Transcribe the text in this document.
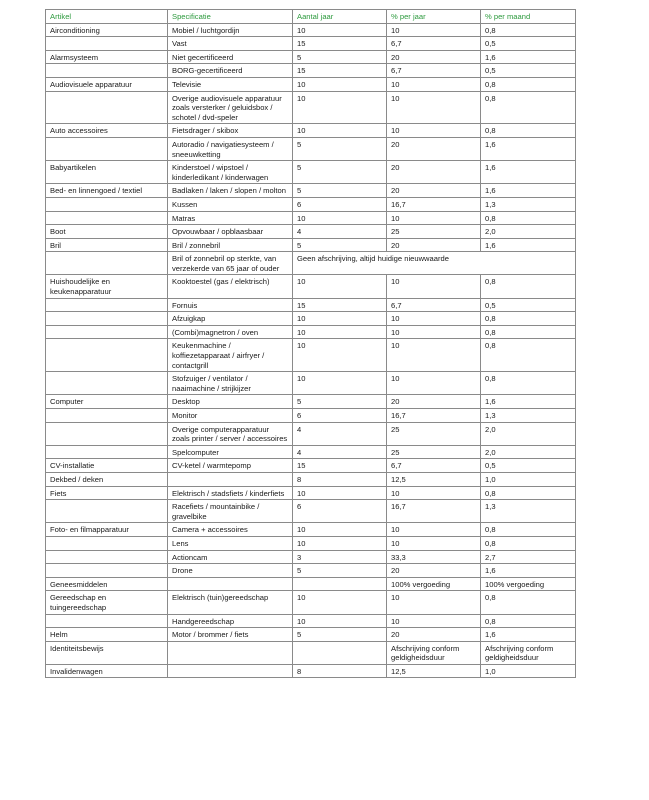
Artikel	Specificatie	Aantal jaar	% per jaar	% per maand
Airconditioning	Mobiel / luchtgordijn	10	10	0,8
	Vast	15	6,7	0,5
Alarmsysteem	Niet gecertificeerd	5	20	1,6
	BORG-gecertificeerd	15	6,7	0,5
Audiovisuele apparatuur	Televisie	10	10	0,8
	Overige audiovisuele apparatuur zoals versterker / geluidsbox / schotel / dvd-speler	10	10	0,8
Auto accessoires	Fietsdrager / skibox	10	10	0,8
	Autoradio / navigatiesysteem / sneeuwketting	5	20	1,6
Babyartikelen	Kinderstoel / wipstoel / kinderledikant / kinderwagen	5	20	1,6
Bed- en linnengoed / textiel	Badlaken / laken / slopen / molton	5	20	1,6
	Kussen	6	16,7	1,3
	Matras	10	10	0,8
Boot	Opvouwbaar / opblaasbaar	4	25	2,0
Bril	Bril / zonnebril	5	20	1,6
	Bril of zonnebril op sterkte, van verzekerde van 65 jaar of ouder	Geen afschrijving, altijd huidige nieuwwaarde		
Huishoudelijke en keukenapparatuur	Kooktoestel (gas / elektrisch)	10	10	0,8
	Fornuis	15	6,7	0,5
	Afzuigkap	10	10	0,8
	(Combi)magnetron / oven	10	10	0,8
	Keukenmachine / koffiezetapparaat / airfryer / contactgrill	10	10	0,8
	Stofzuiger / ventilator / naaimachine / strijkijzer	10	10	0,8
Computer	Desktop	5	20	1,6
	Monitor	6	16,7	1,3
	Overige computerapparatuur zoals printer / server / accessoires	4	25	2,0
	Spelcomputer	4	25	2,0
CV-installatie	CV-ketel / warmtepomp	15	6,7	0,5
Dekbed / deken		8	12,5	1,0
Fiets	Elektrisch / stadsfiets / kinderfiets	10	10	0,8
	Racefiets / mountainbike / gravelbike	6	16,7	1,3
Foto- en filmapparatuur	Camera + accessoires	10	10	0,8
	Lens	10	10	0,8
	Actioncam	3	33,3	2,7
	Drone	5	20	1,6
Geneesmiddelen			100% vergoeding	100% vergoeding
Gereedschap en tuingereedschap	Elektrisch (tuin)gereedschap	10	10	0,8
	Handgereedschap	10	10	0,8
Helm	Motor / brommer / fiets	5	20	1,6
Identiteitsbewijs			Afschrijving conform geldigheidsduur	Afschrijving conform geldigheidsduur
Invalidenwagen		8	12,5	1,0
